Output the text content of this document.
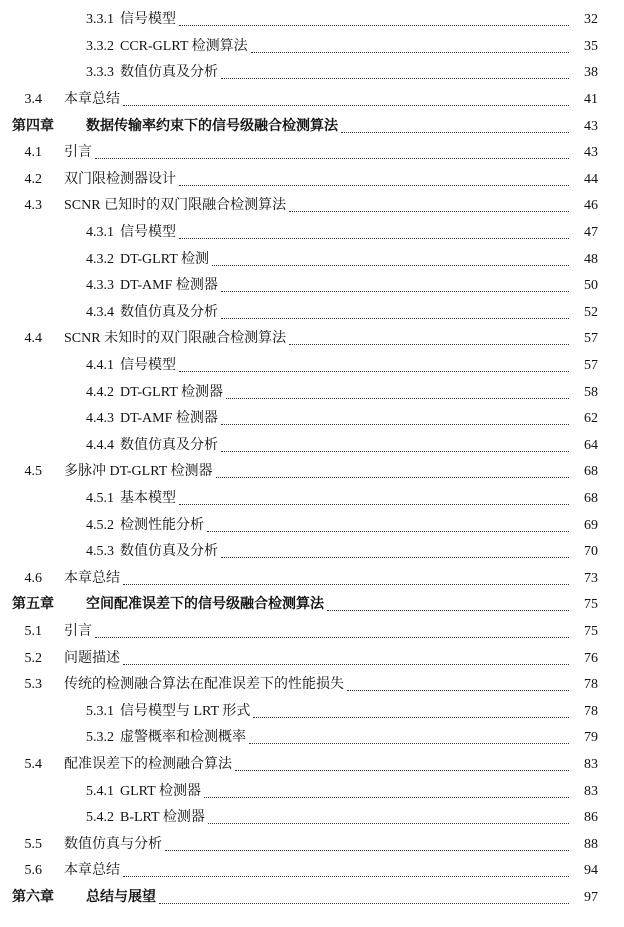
3.3.1 信号模型	32
3.3.2 CCR-GLRT 检测算法	35
3.3.3 数值仿真及分析	38
3.4	本章总结	41
第四章	数据传输率约束下的信号级融合检测算法	43
4.1	引言	43
4.2	双门限检测器设计	44
4.3	SCNR 已知时的双门限融合检测算法	46
4.3.1 信号模型	47
4.3.2 DT-GLRT 检测	48
4.3.3 DT-AMF 检测器	50
4.3.4 数值仿真及分析	52
4.4	SCNR 未知时的双门限融合检测算法	57
4.4.1 信号模型	57
4.4.2 DT-GLRT 检测器	58
4.4.3 DT-AMF 检测器	62
4.4.4 数值仿真及分析	64
4.5	多脉冲 DT-GLRT 检测器	68
4.5.1 基本模型	68
4.5.2 检测性能分析	69
4.5.3 数值仿真及分析	70
4.6	本章总结	73
第五章	空间配准误差下的信号级融合检测算法	75
5.1	引言	75
5.2	问题描述	76
5.3	传统的检测融合算法在配准误差下的性能损失	78
5.3.1 信号模型与 LRT 形式	78
5.3.2 虚警概率和检测概率	79
5.4	配准误差下的检测融合算法	83
5.4.1 GLRT 检测器	83
5.4.2 B-LRT 检测器	86
5.5	数值仿真与分析	88
5.6	本章总结	94
第六章	总结与展望	97
